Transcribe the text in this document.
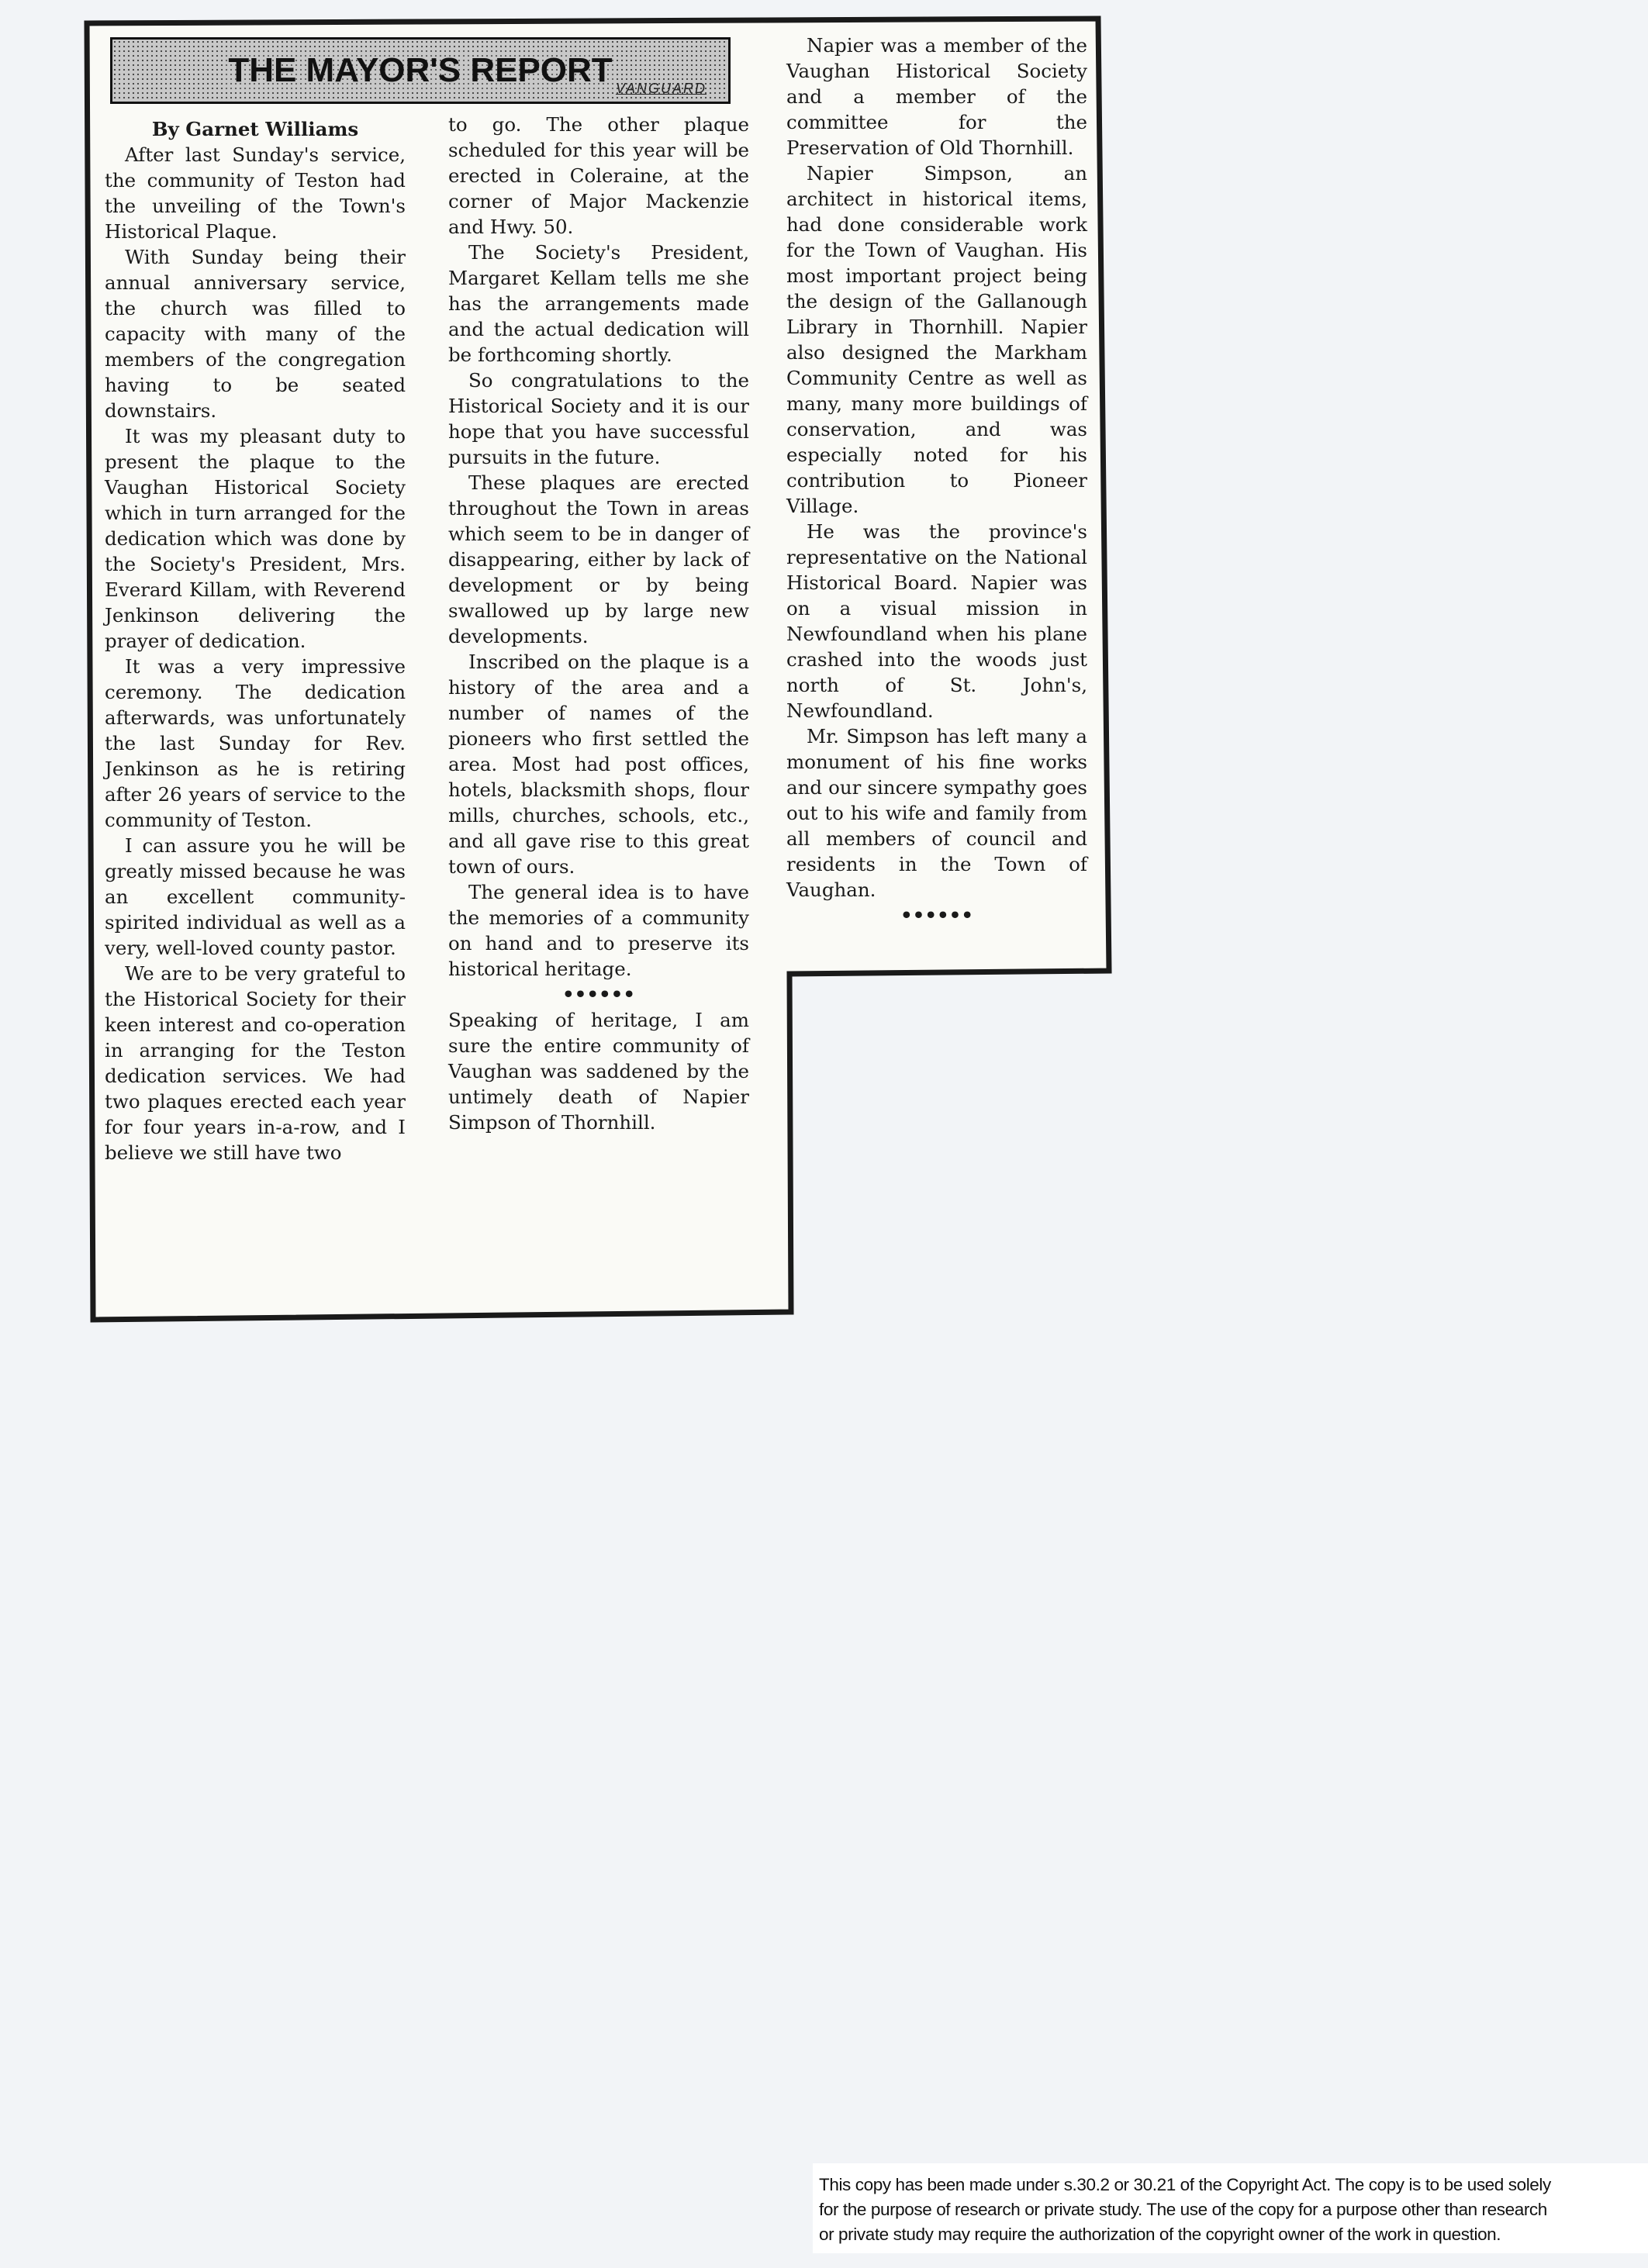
THE MAYOR'S REPORT VANGUARD

By Garnet Williams

After last Sunday's service, the community of Teston had the unveiling of the Town's Historical Plaque.

With Sunday being their annual anniversary service, the church was filled to capacity with many of the members of the congregation having to be seated downstairs.

It was my pleasant duty to present the plaque to the Vaughan Historical Society which in turn arranged for the dedication which was done by the Society's President, Mrs. Everard Killam, with Reverend Jenkinson delivering the prayer of dedication.

It was a very impressive ceremony. The dedication afterwards, was unfortunately the last Sunday for Rev. Jenkinson as he is retiring after 26 years of service to the community of Teston.

I can assure you he will be greatly missed because he was an excellent community-spirited individual as well as a very, well-loved county pastor.

We are to be very grateful to the Historical Society for their keen interest and co-operation in arranging for the Teston dedication services. We had two plaques erected each year for four years in-a-row, and I believe we still have two

to go. The other plaque scheduled for this year will be erected in Coleraine, at the corner of Major Mackenzie and Hwy. 50.

The Society's President, Margaret Kellam tells me she has the arrangements made and the actual dedication will be forthcoming shortly.

So congratulations to the Historical Society and it is our hope that you have successful pursuits in the future.

These plaques are erected throughout the Town in areas which seem to be in danger of disappearing, either by lack of development or by being swallowed up by large new developments.

Inscribed on the plaque is a history of the area and a number of names of the pioneers who first settled the area. Most had post offices, hotels, blacksmith shops, flour mills, churches, schools, etc., and all gave rise to this great town of ours.

The general idea is to have the memories of a community on hand and to preserve its historical heritage.

••••••

Speaking of heritage, I am sure the entire community of Vaughan was saddened by the untimely death of Napier Simpson of Thornhill.

Napier was a member of the Vaughan Historical Society and a member of the committee for the Preservation of Old Thornhill.

Napier Simpson, an architect in historical items, had done considerable work for the Town of Vaughan. His most important project being the design of the Gallanough Library in Thornhill. Napier also designed the Markham Community Centre as well as many, many more buildings of conservation, and was especially noted for his contribution to Pioneer Village.

He was the province's representative on the National Historical Board. Napier was on a visual mission in Newfoundland when his plane crashed into the woods just north of St. John's, Newfoundland.

Mr. Simpson has left many a monument of his fine works and our sincere sympathy goes out to his wife and family from all members of council and residents in the Town of Vaughan.

••••••

This copy has been made under s.30.2 or 30.21 of the Copyright Act. The copy is to be used solely
for the purpose of research or private study. The use of the copy for a purpose other than research
or private study may require the authorization of the copyright owner of the work in question.
